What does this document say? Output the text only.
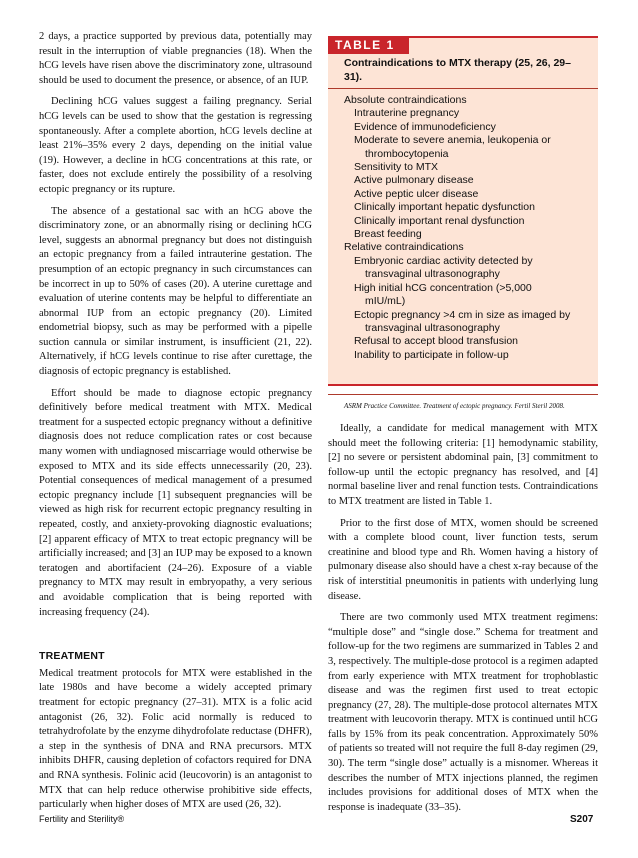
2 days, a practice supported by previous data, potentially may result in the interruption of viable pregnancies (18). When the hCG levels have risen above the discriminatory zone, ultrasound should be used to document the presence, or absence, of an IUP.

Declining hCG values suggest a failing pregnancy. Serial hCG levels can be used to show that the gestation is regressing spontaneously. After a complete abortion, hCG levels decline at least 21%–35% every 2 days, depending on the initial value (19). However, a decline in hCG concentrations at this rate, or faster, does not exclude entirely the possibility of a resolving ectopic pregnancy or its rupture.

The absence of a gestational sac with an hCG above the discriminatory zone, or an abnormally rising or declining hCG level, suggests an abnormal pregnancy but does not distinguish an ectopic pregnancy from a failed intrauterine gestation. The presumption of an ectopic pregnancy in such circumstances can be incorrect in up to 50% of cases (20). A uterine curettage and evaluation of uterine contents may be helpful to differentiate an abnormal IUP from an ectopic pregnancy (20). Limited endometrial biopsy, such as may be performed with a pipelle suction cannula or similar instrument, is insufficient (21, 22). Alternatively, if hCG levels continue to rise after curettage, the diagnosis of ectopic pregnancy is established.

Effort should be made to diagnose ectopic pregnancy definitively before medical treatment with MTX. Medical treatment for a suspected ectopic pregnancy without a definitive diagnosis does not reduce complication rates or cost because many women with undiagnosed miscarriage would otherwise be exposed to MTX and its side effects unnecessarily (20, 23). Potential consequences of medical management of a presumed ectopic pregnancy include [1] subsequent pregnancies will be viewed as high risk for recurrent ectopic pregnancy resulting in repeated, costly, and anxiety-provoking diagnostic evaluations; [2] apparent efficacy of MTX to treat ectopic pregnancy will be artificially increased; and [3] an IUP may be exposed to a known teratogen and abortifacient (24–26). Exposure of a viable pregnancy to MTX may result in embryopathy, a very serious and avoidable complication that is being reported with increasing frequency (24).

TREATMENT

Medical treatment protocols for MTX were established in the late 1980s and have become a widely accepted primary treatment for ectopic pregnancy (27–31). MTX is a folic acid antagonist (26, 32). Folic acid normally is reduced to tetrahydrofolate by the enzyme dihydrofolate reductase (DHFR), a step in the synthesis of DNA and RNA precursors. MTX inhibits DHFR, causing depletion of cofactors required for DNA and RNA synthesis. Folinic acid (leucovorin) is an antagonist to MTX that can help reduce otherwise prohibitive side effects, particularly when higher doses of MTX are used (26, 32).

TABLE 1
Contraindications to MTX therapy (25, 26, 29–31).
Absolute contraindications
Intrauterine pregnancy
Evidence of immunodeficiency
Moderate to severe anemia, leukopenia or
thrombocytopenia
Sensitivity to MTX
Active pulmonary disease
Active peptic ulcer disease
Clinically important hepatic dysfunction
Clinically important renal dysfunction
Breast feeding
Relative contraindications
Embryonic cardiac activity detected by
transvaginal ultrasonography
High initial hCG concentration (>5,000
mIU/mL)
Ectopic pregnancy >4 cm in size as imaged by
transvaginal ultrasonography
Refusal to accept blood transfusion
Inability to participate in follow-up
ASRM Practice Committee. Treatment of ectopic pregnancy. Fertil Steril 2008.

Ideally, a candidate for medical management with MTX should meet the following criteria: [1] hemodynamic stability, [2] no severe or persistent abdominal pain, [3] commitment to follow-up until the ectopic pregnancy has resolved, and [4] normal baseline liver and renal function tests. Contraindications to MTX treatment are listed in Table 1.

Prior to the first dose of MTX, women should be screened with a complete blood count, liver function tests, serum creatinine and blood type and Rh. Women having a history of pulmonary disease also should have a chest x-ray because of the risk of interstitial pneumonitis in patients with underlying lung disease.

There are two commonly used MTX treatment regimens: “multiple dose” and “single dose.” Schema for treatment and follow-up for the two regimens are summarized in Tables 2 and 3, respectively. The multiple-dose protocol is a regimen adapted from early experience with MTX treatment for trophoblastic disease and was the regimen first used to treat ectopic pregnancy (27, 28). The multiple-dose protocol alternates MTX treatment with leucovorin therapy. MTX is continued until hCG falls by 15% from its peak concentration. Approximately 50% of patients so treated will not require the full 8-day regimen (29, 30). The term “single dose” actually is a misnomer. Whereas it describes the number of MTX injections planned, the regimen includes provisions for additional doses of MTX when the response is inadequate (33–35).

Fertility and Sterility®	S207
